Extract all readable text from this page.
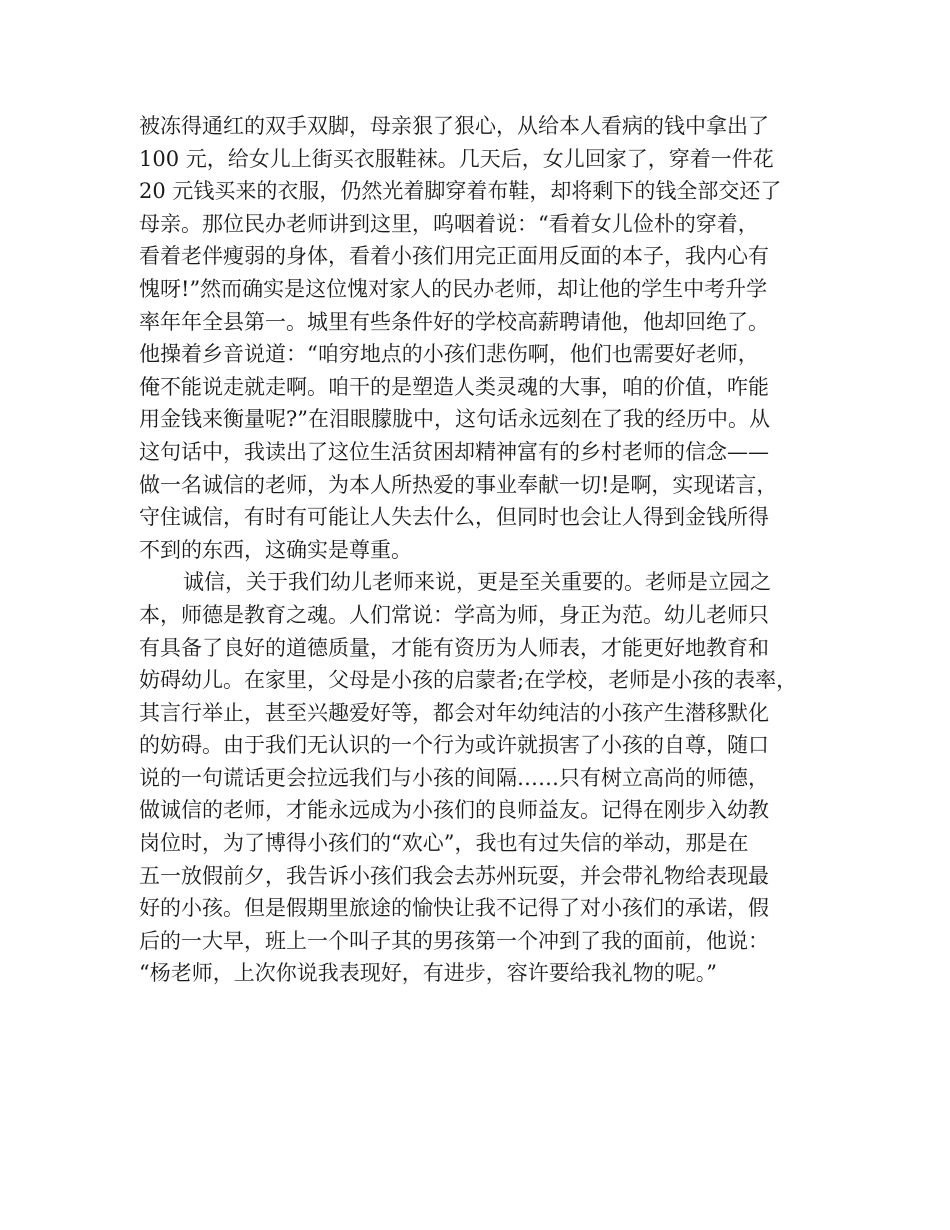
被冻得通红的双手双脚，母亲狠了狠心，从给本人看病的钱中拿出了
100 元，给女儿上街买衣服鞋袜。几天后，女儿回家了，穿着一件花
20 元钱买来的衣服，仍然光着脚穿着布鞋，却将剩下的钱全部交还了
母亲。那位民办老师讲到这里，呜咽着说：“看着女儿俭朴的穿着，
看着老伴瘦弱的身体，看着小孩们用完正面用反面的本子，我内心有
愧呀!”然而确实是这位愧对家人的民办老师，却让他的学生中考升学
率年年全县第一。城里有些条件好的学校高薪聘请他，他却回绝了。
他操着乡音说道：“咱穷地点的小孩们悲伤啊，他们也需要好老师，
俺不能说走就走啊。咱干的是塑造人类灵魂的大事，咱的价值，咋能
用金钱来衡量呢?”在泪眼朦胧中，这句话永远刻在了我的经历中。从
这句话中，我读出了这位生活贫困却精神富有的乡村老师的信念——
做一名诚信的老师，为本人所热爱的事业奉献一切!是啊，实现诺言，
守住诚信，有时有可能让人失去什么，但同时也会让人得到金钱所得
不到的东西，这确实是尊重。
诚信，关于我们幼儿老师来说，更是至关重要的。老师是立园之
本，师德是教育之魂。人们常说：学高为师，身正为范。幼儿老师只
有具备了良好的道德质量，才能有资历为人师表，才能更好地教育和
妨碍幼儿。在家里，父母是小孩的启蒙者;在学校，老师是小孩的表率，
其言行举止，甚至兴趣爱好等，都会对年幼纯洁的小孩产生潜移默化
的妨碍。由于我们无认识的一个行为或许就损害了小孩的自尊，随口
说的一句谎话更会拉远我们与小孩的间隔……只有树立高尚的师德，
做诚信的老师，才能永远成为小孩们的良师益友。记得在刚步入幼教
岗位时，为了博得小孩们的“欢心”，我也有过失信的举动，那是在
五一放假前夕，我告诉小孩们我会去苏州玩耍，并会带礼物给表现最
好的小孩。但是假期里旅途的愉快让我不记得了对小孩们的承诺，假
后的一大早，班上一个叫子其的男孩第一个冲到了我的面前，他说：
“杨老师，上次你说我表现好，有进步，容许要给我礼物的呢。”
